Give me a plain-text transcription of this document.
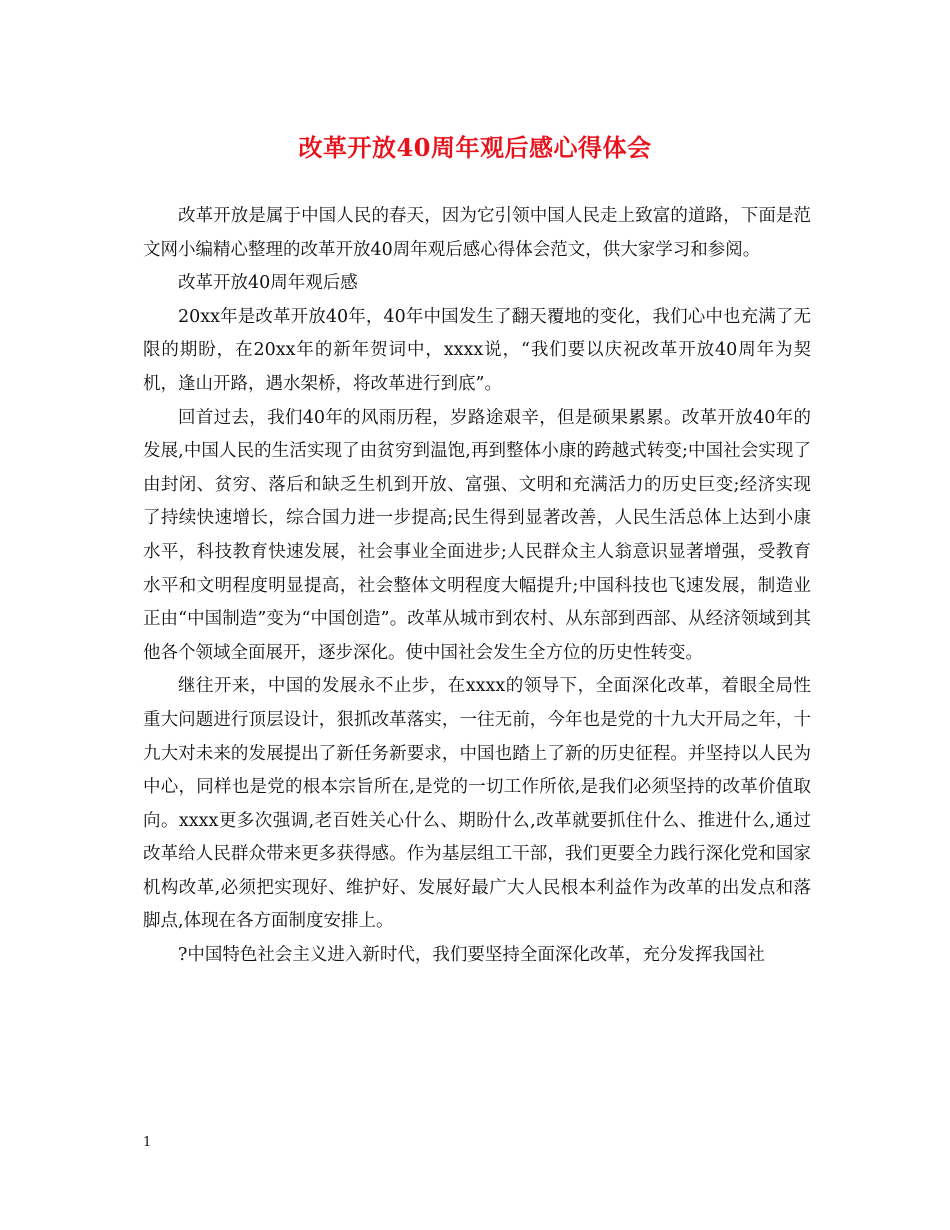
改革开放40周年观后感心得体会

改革开放是属于中国人民的春天，因为它引领中国人民走上致富的道路，下面是范文网小编精心整理的改革开放40周年观后感心得体会范文，供大家学习和参阅。

改革开放40周年观后感

20xx年是改革开放40年，40年中国发生了翻天覆地的变化，我们心中也充满了无限的期盼，在20xx年的新年贺词中，xxxx说，“我们要以庆祝改革开放40周年为契机，逢山开路，遇水架桥，将改革进行到底”。

回首过去，我们40年的风雨历程，岁路途艰辛，但是硕果累累。改革开放40年的发展,中国人民的生活实现了由贫穷到温饱,再到整体小康的跨越式转变;中国社会实现了由封闭、贫穷、落后和缺乏生机到开放、富强、文明和充满活力的历史巨变;经济实现了持续快速增长，综合国力进一步提高;民生得到显著改善，人民生活总体上达到小康水平，科技教育快速发展，社会事业全面进步;人民群众主人翁意识显著增强，受教育水平和文明程度明显提高，社会整体文明程度大幅提升;中国科技也飞速发展，制造业正由“中国制造”变为“中国创造”。改革从城市到农村、从东部到西部、从经济领域到其他各个领域全面展开，逐步深化。使中国社会发生全方位的历史性转变。

继往开来，中国的发展永不止步，在xxxx的领导下，全面深化改革，着眼全局性重大问题进行顶层设计，狠抓改革落实，一往无前，今年也是党的十九大开局之年，十九大对未来的发展提出了新任务新要求，中国也踏上了新的历史征程。并坚持以人民为中心，同样也是党的根本宗旨所在,是党的一切工作所依,是我们必须坚持的改革价值取向。xxxx更多次强调,老百姓关心什么、期盼什么,改革就要抓住什么、推进什么,通过改革给人民群众带来更多获得感。作为基层组工干部，我们更要全力践行深化党和国家机构改革,必须把实现好、维护好、发展好最广大人民根本利益作为改革的出发点和落脚点,体现在各方面制度安排上。

?中国特色社会主义进入新时代，我们要坚持全面深化改革，充分发挥我国社

1
